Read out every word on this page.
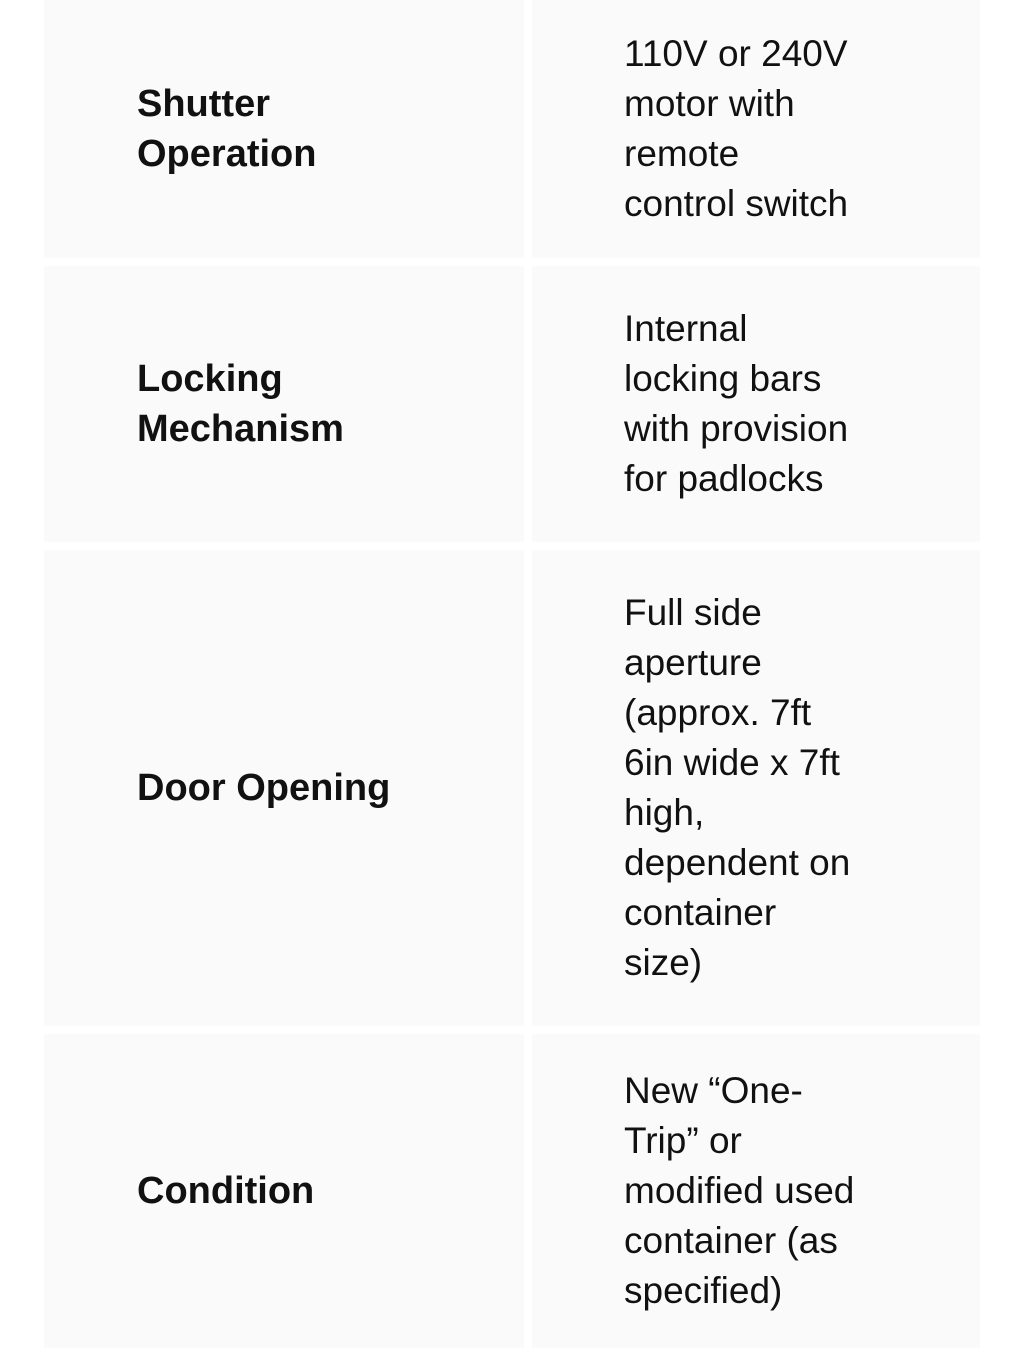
Shutter
Operation
110V or 240V
motor with
remote
control switch
Locking
Mechanism
Internal
locking bars
with provision
for padlocks
Door Opening
Full side
aperture
(approx. 7ft
6in wide x 7ft
high,
dependent on
container
size)
Condition
New “One-
Trip” or
modified used
container (as
specified)
